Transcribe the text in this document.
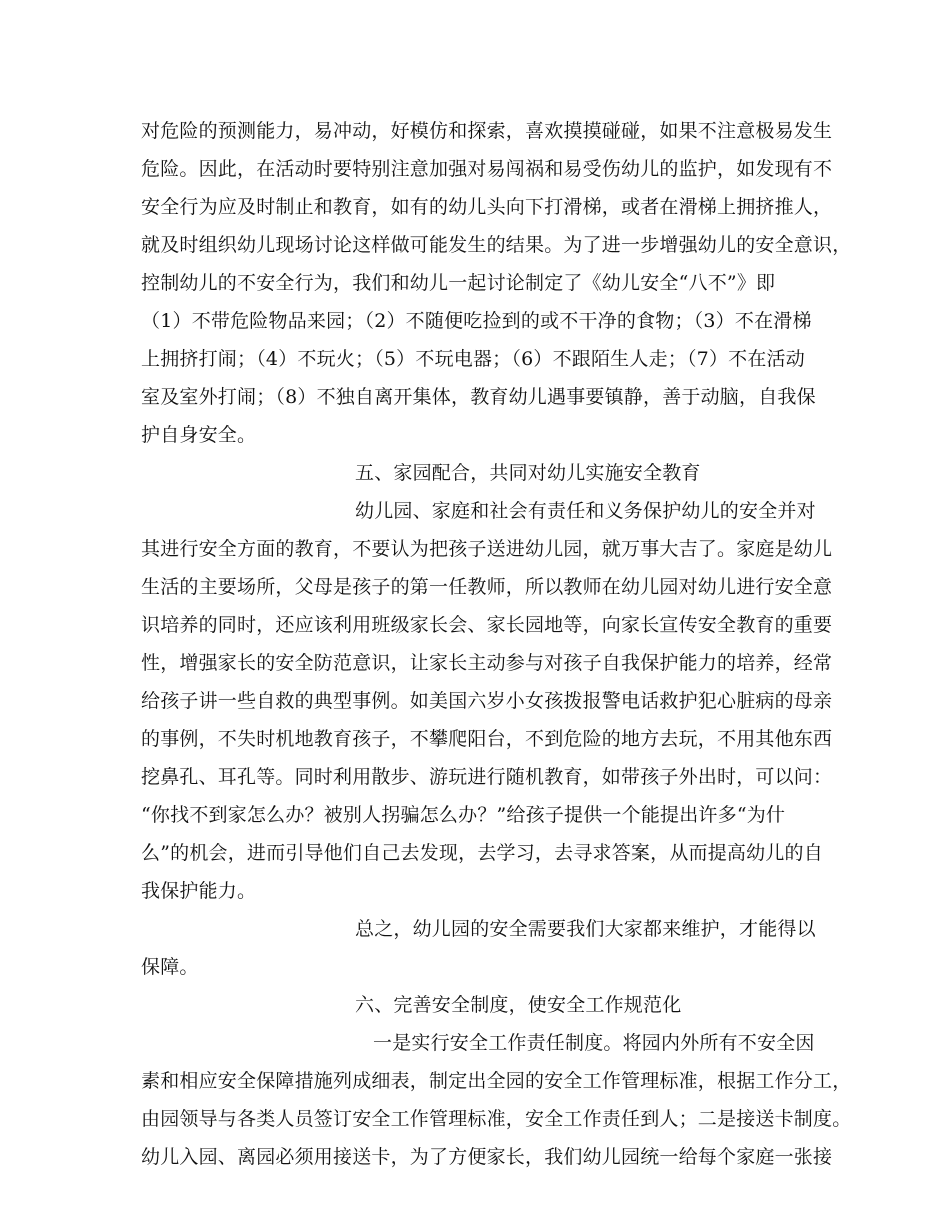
对危险的预测能力，易冲动，好模仿和探索，喜欢摸摸碰碰，如果不注意极易发生
危险。因此，在活动时要特别注意加强对易闯祸和易受伤幼儿的监护，如发现有不
安全行为应及时制止和教育，如有的幼儿头向下打滑梯，或者在滑梯上拥挤推人，
就及时组织幼儿现场讨论这样做可能发生的结果。为了进一步增强幼儿的安全意识，
控制幼儿的不安全行为，我们和幼儿一起讨论制定了《幼儿安全“八不”》即
（1）不带危险物品来园；（2）不随便吃捡到的或不干净的食物；（3）不在滑梯
上拥挤打闹；（4）不玩火；（5）不玩电器；（6）不跟陌生人走；（7）不在活动
室及室外打闹；（8）不独自离开集体，教育幼儿遇事要镇静，善于动脑，自我保
护自身安全。
五、家园配合，共同对幼儿实施安全教育
幼儿园、家庭和社会有责任和义务保护幼儿的安全并对
其进行安全方面的教育，不要认为把孩子送进幼儿园，就万事大吉了。家庭是幼儿
生活的主要场所，父母是孩子的第一任教师，所以教师在幼儿园对幼儿进行安全意
识培养的同时，还应该利用班级家长会、家长园地等，向家长宣传安全教育的重要
性，增强家长的安全防范意识，让家长主动参与对孩子自我保护能力的培养，经常
给孩子讲一些自救的典型事例。如美国六岁小女孩拨报警电话救护犯心脏病的母亲
的事例，不失时机地教育孩子，不攀爬阳台，不到危险的地方去玩，不用其他东西
挖鼻孔、耳孔等。同时利用散步、游玩进行随机教育，如带孩子外出时，可以问：
“你找不到家怎么办？被别人拐骗怎么办？”给孩子提供一个能提出许多“为什
么”的机会，进而引导他们自己去发现，去学习，去寻求答案，从而提高幼儿的自
我保护能力。
总之，幼儿园的安全需要我们大家都来维护，才能得以
保障。
六、完善安全制度，使安全工作规范化
一是实行安全工作责任制度。将园内外所有不安全因
素和相应安全保障措施列成细表，制定出全园的安全工作管理标准，根据工作分工，
由园领导与各类人员签订安全工作管理标准，安全工作责任到人；二是接送卡制度。
幼儿入园、离园必须用接送卡，为了方便家长，我们幼儿园统一给每个家庭一张接
